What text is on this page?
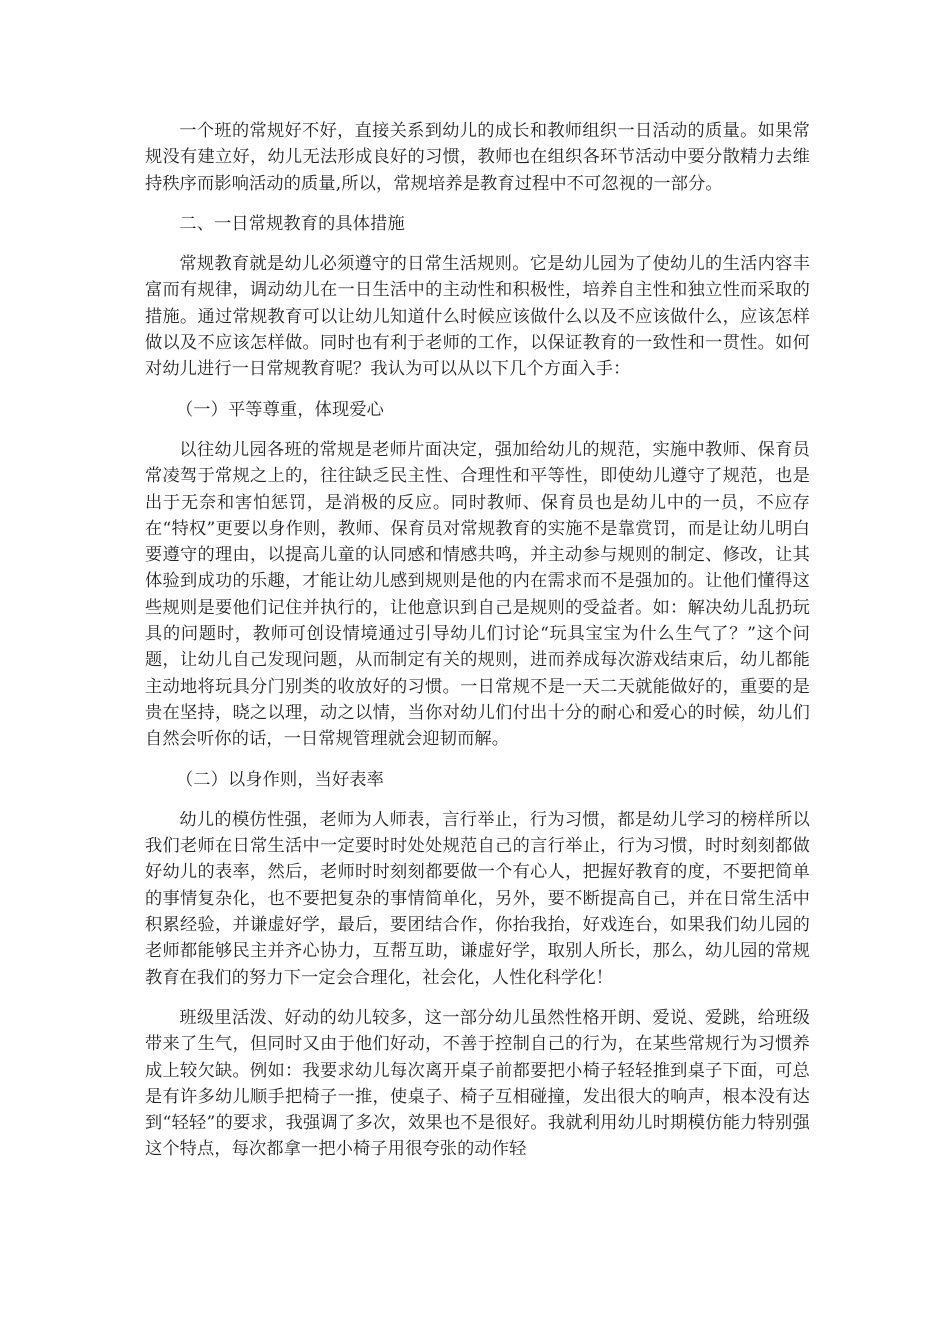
一个班的常规好不好，直接关系到幼儿的成长和教师组织一日活动的质量。如果常规没有建立好，幼儿无法形成良好的习惯，教师也在组织各环节活动中要分散精力去维持秩序而影响活动的质量,所以，常规培养是教育过程中不可忽视的一部分。

二、一日常规教育的具体措施

常规教育就是幼儿必须遵守的日常生活规则。它是幼儿园为了使幼儿的生活内容丰富而有规律，调动幼儿在一日生活中的主动性和积极性，培养自主性和独立性而采取的措施。通过常规教育可以让幼儿知道什么时候应该做什么以及不应该做什么，应该怎样做以及不应该怎样做。同时也有利于老师的工作，以保证教育的一致性和一贯性。如何对幼儿进行一日常规教育呢？我认为可以从以下几个方面入手：

（一）平等尊重，体现爱心

以往幼儿园各班的常规是老师片面决定，强加给幼儿的规范，实施中教师、保育员常凌驾于常规之上的，往往缺乏民主性、合理性和平等性，即使幼儿遵守了规范，也是出于无奈和害怕惩罚，是消极的反应。同时教师、保育员也是幼儿中的一员，不应存在“特权”更要以身作则，教师、保育员对常规教育的实施不是靠赏罚，而是让幼儿明白要遵守的理由，以提高儿童的认同感和情感共鸣，并主动参与规则的制定、修改，让其体验到成功的乐趣，才能让幼儿感到规则是他的内在需求而不是强加的。让他们懂得这些规则是要他们记住并执行的，让他意识到自己是规则的受益者。如：解决幼儿乱扔玩具的问题时，教师可创设情境通过引导幼儿们讨论“玩具宝宝为什么生气了？”这个问题，让幼儿自己发现问题，从而制定有关的规则，进而养成每次游戏结束后，幼儿都能主动地将玩具分门别类的收放好的习惯。一日常规不是一天二天就能做好的，重要的是贵在坚持，晓之以理，动之以情，当你对幼儿们付出十分的耐心和爱心的时候，幼儿们自然会听你的话，一日常规管理就会迎韧而解。

（二）以身作则，当好表率

幼儿的模仿性强，老师为人师表，言行举止，行为习惯，都是幼儿学习的榜样所以我们老师在日常生活中一定要时时处处规范自己的言行举止，行为习惯，时时刻刻都做好幼儿的表率，然后，老师时时刻刻都要做一个有心人，把握好教育的度，不要把简单的事情复杂化，也不要把复杂的事情简单化，另外，要不断提高自己，并在日常生活中积累经验，并谦虚好学，最后，要团结合作，你抬我抬，好戏连台，如果我们幼儿园的老师都能够民主并齐心协力，互帮互助，谦虚好学，取别人所长，那么，幼儿园的常规教育在我们的努力下一定会合理化，社会化，人性化科学化！

班级里活泼、好动的幼儿较多，这一部分幼儿虽然性格开朗、爱说、爱跳，给班级带来了生气，但同时又由于他们好动，不善于控制自己的行为，在某些常规行为习惯养成上较欠缺。例如：我要求幼儿每次离开桌子前都要把小椅子轻轻推到桌子下面，可总是有许多幼儿顺手把椅子一推，使桌子、椅子互相碰撞，发出很大的响声，根本没有达到“轻轻”的要求，我强调了多次，效果也不是很好。我就利用幼儿时期模仿能力特别强这个特点，每次都拿一把小椅子用很夸张的动作轻
